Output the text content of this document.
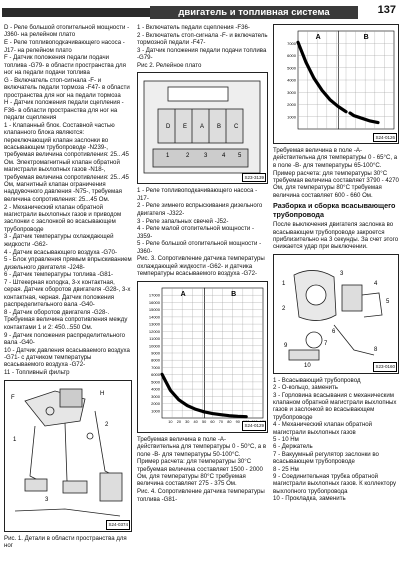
двигатель и топливная система	137

D - Реле большой отопительной мощности -J360- на релейном плато

Е - Реле топливоподкачивающего насоса -J17- на релейном плато

F - Датчик положения педали подачи топлива -G79- в области пространства для ног на педали подачи топлива

G - Включатель стоп-сигнала -F- и включатель педали тормоза -F47- в области пространства для ног на педали тормоза

Н - Датчик положения педали сцепления -F36- в области пространства для ног на педали сцепления

1 - Клапанный блок. Составной частью клапанного блока являются: переключающий клапан заслонки во всасывающем трубопроводе -N239-, требуемая величина сопротивления: 25...45 Ом. Электромагнитный клапан обратной магистрали выхлопных газов -N18-, требуемая величина сопротивления: 25...45 Ом, магнитный клапан ограничения наддувочного давления -N75-, требуемая величина сопротивления: 25...45 Ом.

2 - Механический клапан обратной магистрали выхлопных газов и приводом заслонки с заслонкой во всасывающем трубопроводе

3 - Датчик температуры охлаждающей жидкости -G62-

4 - Датчик всасывающего воздуха -G70-

5 - Блок управления прямым впрыскиванием дизельного двигателя -J248-

6 - Датчик температуры топлива -G81-

7 - Штекерная колодка, 3-х контактная, серая. Датчик оборотов двигателя -G28-, 3-х контактная, черная. Датчик положения распределительного вала -G40-

8 - Датчик оборотов двигателя -G28-. Требуемая величина сопротивления между контактами 1 и 2: 450...550 Ом.

9 - Датчик положения распределительного вала -G40-

10 - Датчик давления всасываемого воздуха -G71- с датчиком температуры всасываемого воздуха -G72-

11 - Топливный фильтр

F
H
1
2
3
S24-0374
Рис. 1. Детали в области пространства для ног

1 - Включатель педали сцепления -F36-

2 - Включатель стоп-сигнала -F- и включатель тормозной педали -F47-

3 - Датчик положения педали подачи топлива -G79-

Рис 2. Релейное плато
D E A B C
1	2 3 4 5
S23-3139

1 - Реле топливоподкачивающего насоса -J17-

2 - Реле зимнего вспрыскивания дизельного двигателя -J322-

3 - Реле запальных свечей -J52-

4 - Реле малой отопительной мощности -J359-

5 - Реле большой отопительной мощности -J360-

Рис. 3. Сопротивление датчика температуры охлаждающей жидкости -G62- и датчика температуры всасываемого воздуха -G72-
17000
16000
15000
14000
13000
12000
11000
10000
9000
8000
7000
6000
5000
4000
3000
2000
1000
A	B
10 20 30 40 50 60 70 80 90
S24-0129

Требуемая величина в поле -A- действительна для температуры 0 - 50°C, а в поле -B- для температуры 50-100°C.

Пример расчета: для температуры 30°C требуемая величина составляет 1500 - 2000 Ом, для температуры 80°C требуемая величина составляет 275 - 375 Ом.

Рис. 4. Сопротивление датчика температуры топлива -G81-

7000
6000
5000
4000
3000
2000
1000
A	B
S24-0126

Требуемая величина в поле -A- действительна для температуры 0 - 65°C, а в поле -B- для температуры 65-100°C.

Пример расчета: для температуры 30°C требуемая величина составляет 3790 - 4270 Ом, для температуры 80°C требуемая величина составляет 600 - 660 Ом.

Разборка и сборка всасывающего трубопровода

После выключения двигателя заслонка во всасывающем трубопроводе закроется приблизительно на 3 секунды. За счет этого снижается удар при выключении.

1
2
3
4
5
6
7
8
9
10	S23-0160

1 - Всасывающий трубопровод

2 - О-кольцо, заменить

3 - Горловина всасывания с механическим клапаном обратной магистрали выхлопных газов и заслонкой во всасывающем трубопроводе

4 - Механический клапан обратной магистрали выхлопных газов

5 - 10 Нм

6 - Держатель

7 - Вакуумный регулятор заслонки во всасывающем трубопроводе

8 - 25 Нм

9 - Соединительная трубка обратной магистрали выхлопных газов. К коллектору выхлопного трубопровода

10 - Прокладка, заменить
